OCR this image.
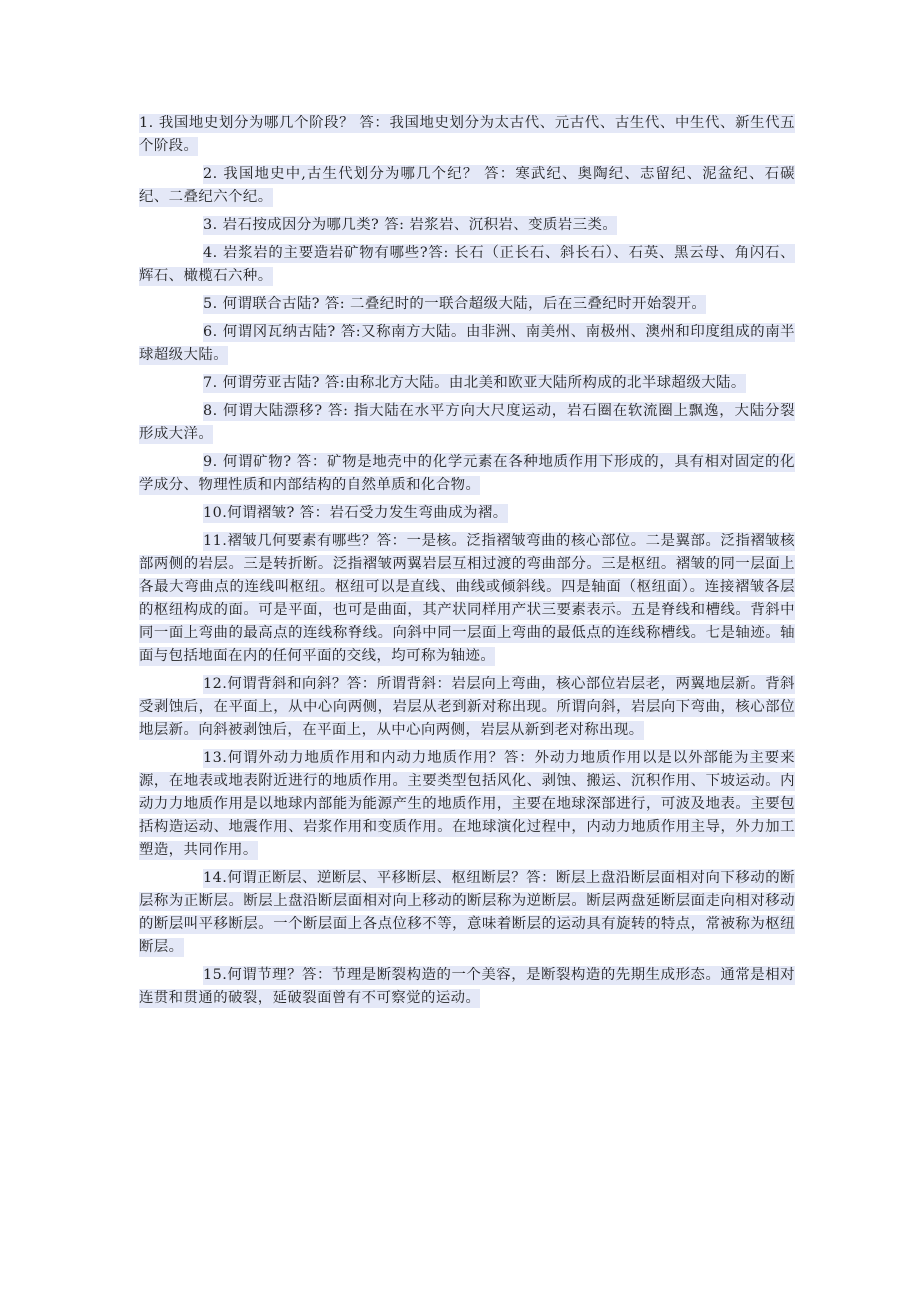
1. 我国地史划分为哪几个阶段？ 答：我国地史划分为太古代、元古代、古生代、中生代、新生代五个阶段。

2. 我国地史中,古生代划分为哪几个纪？ 答：寒武纪、奥陶纪、志留纪、泥盆纪、石碳纪、二叠纪六个纪。

3. 岩石按成因分为哪几类? 答: 岩浆岩、沉积岩、变质岩三类。

4. 岩浆岩的主要造岩矿物有哪些?答: 长石（正长石、斜长石）、石英、黑云母、角闪石、辉石、橄榄石六种。

5. 何谓联合古陆? 答: 二叠纪时的一联合超级大陆，后在三叠纪时开始裂开。

6. 何谓冈瓦纳古陆? 答:又称南方大陆。由非洲、南美州、南极州、澳州和印度组成的南半球超级大陆。

7. 何谓劳亚古陆? 答:由称北方大陆。由北美和欧亚大陆所构成的北半球超级大陆。

8. 何谓大陆漂移? 答: 指大陆在水平方向大尺度运动，岩石圈在软流圈上飘逸，大陆分裂形成大洋。

9. 何谓矿物? 答：矿物是地壳中的化学元素在各种地质作用下形成的，具有相对固定的化学成分、物理性质和内部结构的自然单质和化合物。

10.何谓褶皱? 答：岩石受力发生弯曲成为褶。

11.褶皱几何要素有哪些？答：一是核。泛指褶皱弯曲的核心部位。二是翼部。泛指褶皱核部两侧的岩层。三是转折断。泛指褶皱两翼岩层互相过渡的弯曲部分。三是枢纽。褶皱的同一层面上各最大弯曲点的连线叫枢纽。枢纽可以是直线、曲线或倾斜线。四是轴面（枢纽面）。连接褶皱各层的枢纽构成的面。可是平面，也可是曲面，其产状同样用产状三要素表示。五是脊线和槽线。背斜中同一面上弯曲的最高点的连线称脊线。向斜中同一层面上弯曲的最低点的连线称槽线。七是轴迹。轴面与包括地面在内的任何平面的交线，均可称为轴迹。

12.何谓背斜和向斜？答：所谓背斜：岩层向上弯曲，核心部位岩层老，两翼地层新。背斜受剥蚀后，在平面上，从中心向两侧，岩层从老到新对称出现。所谓向斜，岩层向下弯曲，核心部位地层新。向斜被剥蚀后，在平面上，从中心向两侧，岩层从新到老对称出现。

13.何谓外动力地质作用和内动力地质作用？答：外动力地质作用以是以外部能为主要来源，在地表或地表附近进行的地质作用。主要类型包括风化、剥蚀、搬运、沉积作用、下坡运动。内动力力地质作用是以地球内部能为能源产生的地质作用，主要在地球深部进行，可波及地表。主要包括构造运动、地震作用、岩浆作用和变质作用。在地球演化过程中，内动力地质作用主导，外力加工塑造，共同作用。

14.何谓正断层、逆断层、平移断层、枢纽断层？答：断层上盘沿断层面相对向下移动的断层称为正断层。断层上盘沿断层面相对向上移动的断层称为逆断层。断层两盘延断层面走向相对移动的断层叫平移断层。一个断层面上各点位移不等，意味着断层的运动具有旋转的特点，常被称为枢纽断层。

15.何谓节理？答：节理是断裂构造的一个美容，是断裂构造的先期生成形态。通常是相对连贯和贯通的破裂，延破裂面曾有不可察觉的运动。
